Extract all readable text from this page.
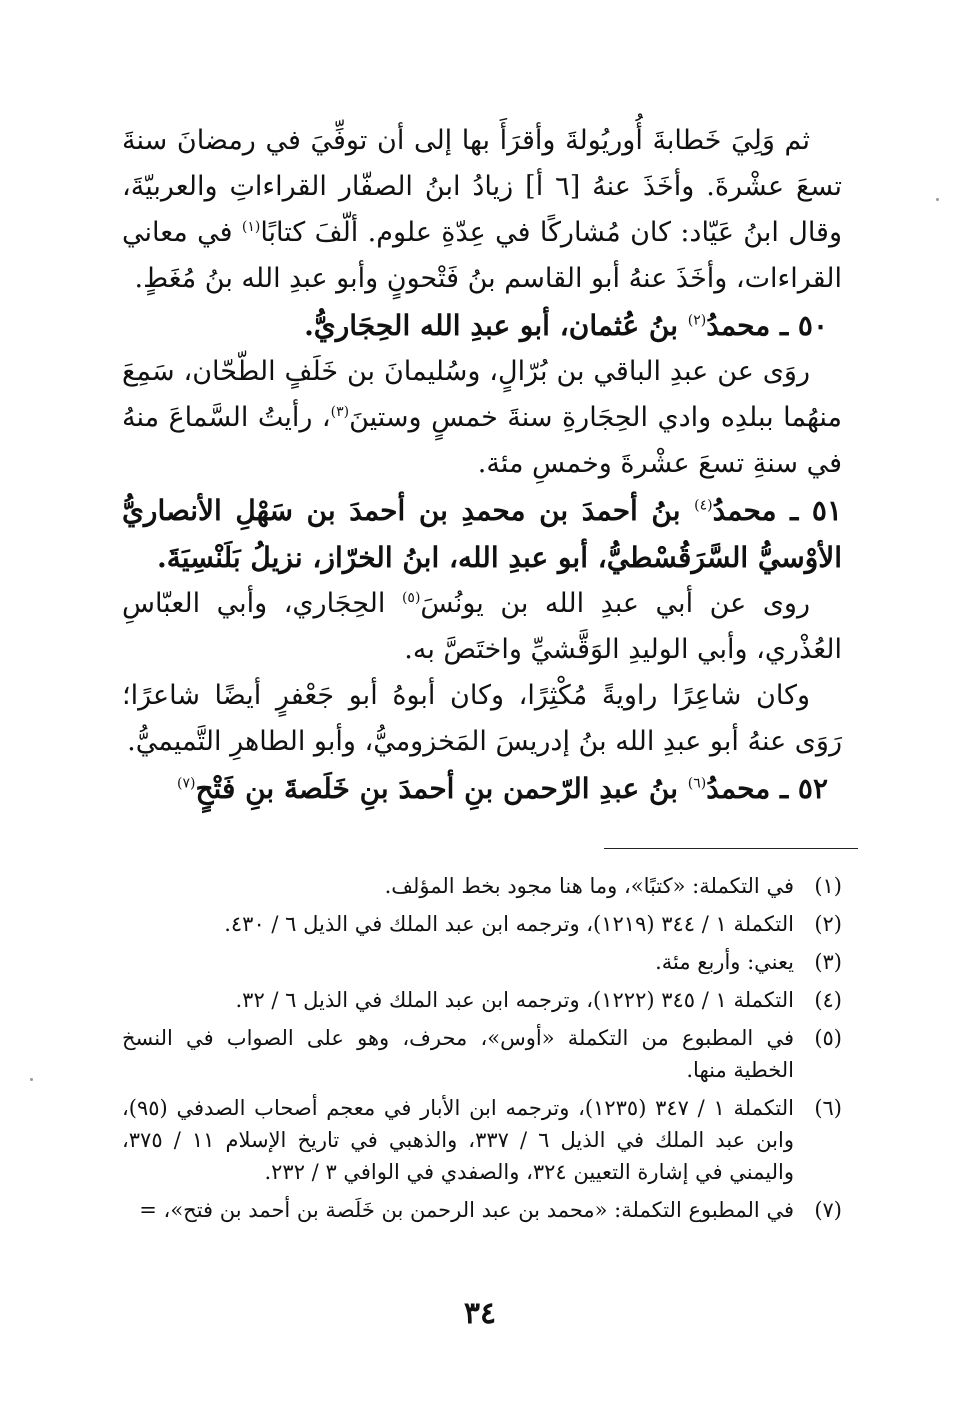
ثم وَلِيَ خَطابةَ أُوريُولةَ وأقرَأَ بها إلى أن توفِّيَ في رمضانَ سنةَ تسعَ عشْرةَ. وأخَذَ عنهُ [٦ أ] زيادُ ابنُ الصفّار القراءاتِ والعربيّةَ، وقال ابنُ عَيّاد: كان مُشاركًا في عِدّةِ علوم. ألّفَ كتابًا$^{(١)}$ في معاني القراءات، وأخَذَ عنهُ أبو القاسم بنُ فَتْحونٍ وأبو عبدِ الله بنُ مُغَطٍ.

٥٠ ـ محمدُ$^{(٢)}$ بنُ عُثمان، أبو عبدِ الله الحِجَاريُّ.

روَى عن عبدِ الباقي بن بُرّالٍ، وسُليمانَ بن خَلَفٍ الطّحّان، سَمِعَ منهُما ببلدِه وادي الحِجَارةِ سنةَ خمسٍ وستينَ$^{(٣)}$، رأيتُ السَّماعَ منهُ في سنةِ تسعَ عشْرةَ وخمسِ مئة.

٥١ ـ محمدُ$^{(٤)}$ بنُ أحمدَ بن محمدِ بن أحمدَ بن سَهْلِ الأنصاريُّ الأوْسيُّ السَّرَقُسْطيُّ، أبو عبدِ الله، ابنُ الخرّاز، نزيلُ بَلَنْسِيَةَ.

روى عن أبي عبدِ الله بن يونُسَ$^{(٥)}$ الحِجَاري، وأبي العبّاسِ العُذْري، وأبي الوليدِ الوَقَّشيِّ واختَصَّ به.

وكان شاعِرًا راويةً مُكْثِرًا، وكان أبوهُ أبو جَعْفرٍ أيضًا شاعرًا؛ رَوَى عنهُ أبو عبدِ الله بنُ إدريسَ المَخزوميُّ، وأبو الطاهرِ التَّميميُّ.

٥٢ ـ محمدُ$^{(٦)}$ بنُ عبدِ الرّحمن بنِ أحمدَ بنِ خَلَصةَ بنِ فَتْحٍ$^{(٧)}$

(١)
في التكملة: «كتبًا»، وما هنا مجود بخط المؤلف.
(٢)
التكملة ١ / ٣٤٤ (١٢١٩)، وترجمه ابن عبد الملك في الذيل ٦ / ٤٣٠.
(٣)
يعني: وأربع مئة.
(٤)
التكملة ١ / ٣٤٥ (١٢٢٢)، وترجمه ابن عبد الملك في الذيل ٦ / ٣٢.
(٥)
في المطبوع من التكملة «أوس»، محرف، وهو على الصواب في النسخ الخطية منها.
(٦)
التكملة ١ / ٣٤٧ (١٢٣٥)، وترجمه ابن الأبار في معجم أصحاب الصدفي (٩٥)، وابن عبد الملك في الذيل ٦ / ٣٣٧، والذهبي في تاريخ الإسلام ١١ / ٣٧٥، واليمني في إشارة التعيين ٣٢٤، والصفدي في الوافي ٣ / ٢٣٢.
(٧)
في المطبوع التكملة: «محمد بن عبد الرحمن بن خَلَصة بن أحمد بن فتح»، =
٣٤
